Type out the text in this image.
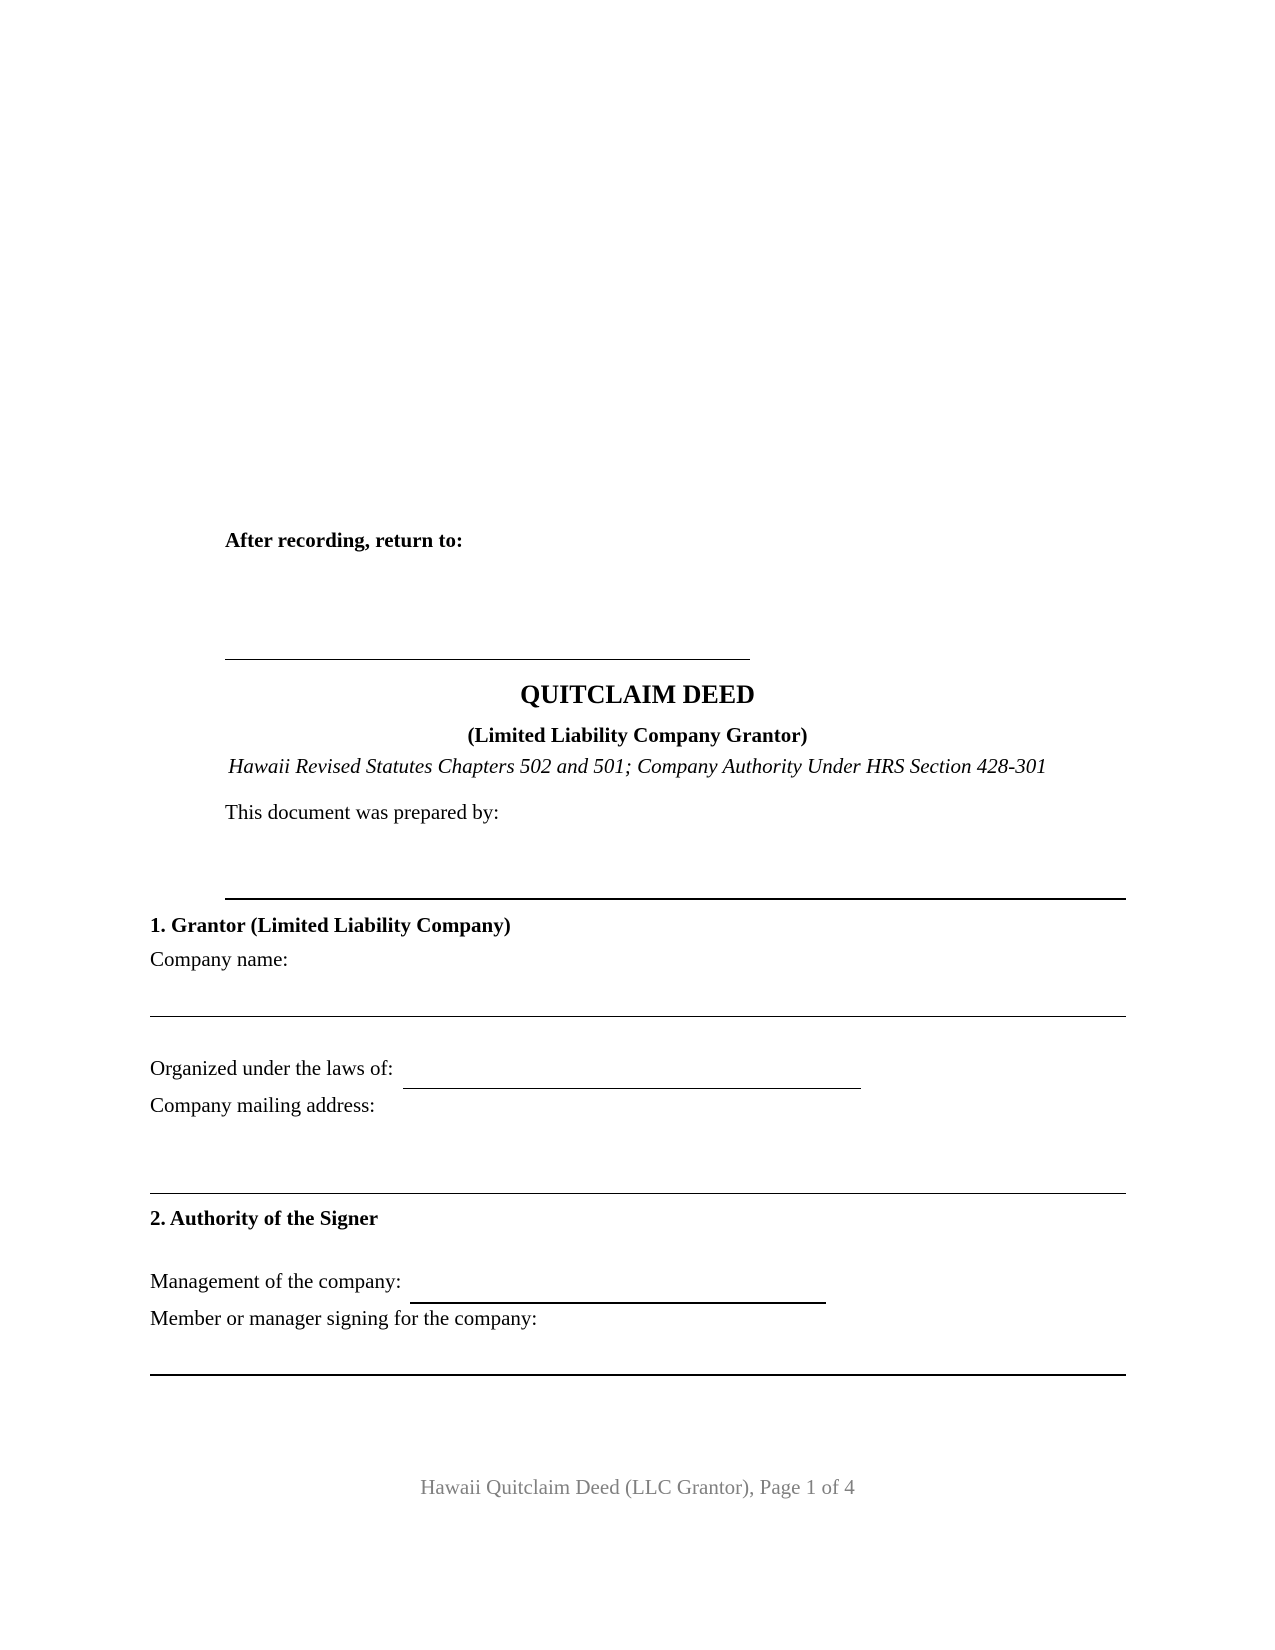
After recording, return to:
QUITCLAIM DEED
(Limited Liability Company Grantor)
Hawaii Revised Statutes Chapters 502 and 501; Company Authority Under HRS Section 428-301
This document was prepared by:
1. Grantor (Limited Liability Company)
Company name:
Organized under the laws of:
Company mailing address:
2. Authority of the Signer
Management of the company:
Member or manager signing for the company:
Hawaii Quitclaim Deed (LLC Grantor), Page 1 of 4
